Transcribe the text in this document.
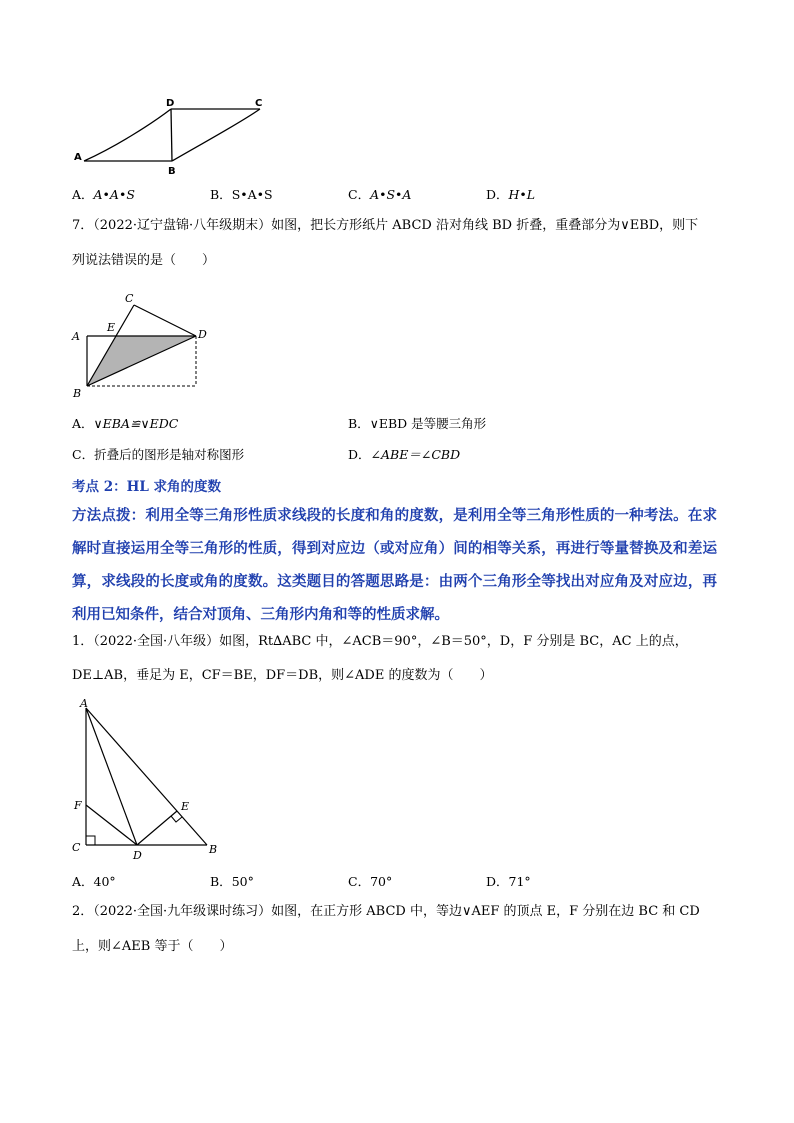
D	C
A
B
A．A•A•S	B．S•A•S	C．A•S•A	D．H•L
7．（2022·辽宁盘锦·八年级期末）如图，把长方形纸片 ABCD 沿对角线 BD 折叠，重叠部分为∨EBD，则下
列说法错误的是（　　）
C
E
A	D
B
A．∨EBA≌∨EDC	B．∨EBD 是等腰三角形
C．折叠后的图形是轴对称图形	D．∠ABE＝∠CBD
考点 2：HL 求角的度数
方法点拨：利用全等三角形性质求线段的长度和角的度数，是利用全等三角形性质的一种考法。在求解时直接运用全等三角形的性质，得到对应边（或对应角）间的相等关系，再进行等量替换及和差运算，求线段的长度或角的度数。这类题目的答题思路是：由两个三角形全等找出对应角及对应边，再利用已知条件，结合对顶角、三角形内角和等的性质求解。
1．（2022·全国·八年级）如图，Rt∆ABC 中，∠ACB＝90°，∠B＝50°，D，F 分别是 BC，AC 上的点，
DE⊥AB，垂足为 E，CF＝BE，DF＝DB，则∠ADE 的度数为（　　）
A
F	E
C
D	B
A．40°	B．50°	C．70°	D．71°
2．（2022·全国·九年级课时练习）如图，在正方形 ABCD 中，等边∨AEF 的顶点 E，F 分别在边 BC 和 CD
上，则∠AEB 等于（　　）
